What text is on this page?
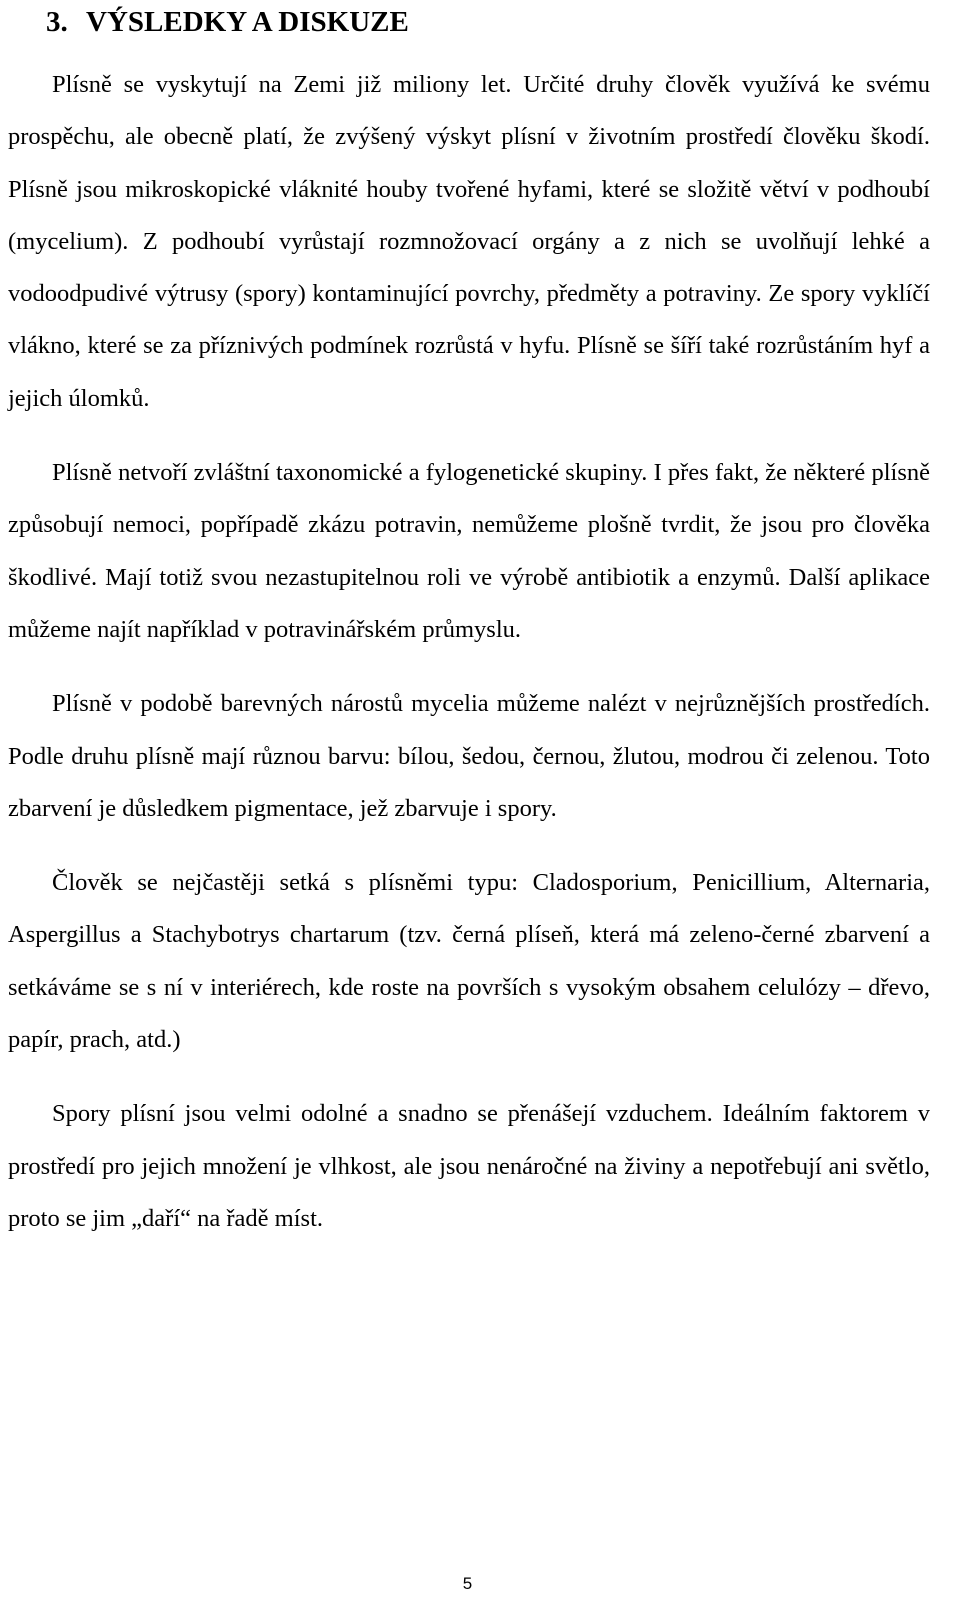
3. VÝSLEDKY A DISKUZE

Plísně se vyskytují na Zemi již miliony let. Určité druhy člověk využívá ke svému prospěchu, ale obecně platí, že zvýšený výskyt plísní v životním prostředí člověku škodí. Plísně jsou mikroskopické vláknité houby tvořené hyfami, které se složitě větví v podhoubí (mycelium). Z podhoubí vyrůstají rozmnožovací orgány a z nich se uvolňují lehké a vodoodpudivé výtrusy (spory) kontaminující povrchy, předměty a potraviny. Ze spory vyklíčí vlákno, které se za příznivých podmínek rozrůstá v hyfu. Plísně se šíří také rozrůstáním hyf a jejich úlomků.

Plísně netvoří zvláštní taxonomické a fylogenetické skupiny. I přes fakt, že některé plísně způsobují nemoci, popřípadě zkázu potravin, nemůžeme plošně tvrdit, že jsou pro člověka škodlivé. Mají totiž svou nezastupitelnou roli ve výrobě antibiotik a enzymů. Další aplikace můžeme najít například v potravinářském průmyslu.

Plísně v podobě barevných nárostů mycelia můžeme nalézt v nejrůznějších prostředích. Podle druhu plísně mají různou barvu: bílou, šedou, černou, žlutou, modrou či zelenou. Toto zbarvení je důsledkem pigmentace, jež zbarvuje i spory.

Člověk se nejčastěji setká s plísněmi typu: Cladosporium, Penicillium, Alternaria, Aspergillus a Stachybotrys chartarum (tzv. černá plíseň, která má zeleno-černé zbarvení a setkáváme se s ní v interiérech, kde roste na površích s vysokým obsahem celulózy – dřevo, papír, prach, atd.)

Spory plísní jsou velmi odolné a snadno se přenášejí vzduchem. Ideálním faktorem v prostředí pro jejich množení je vlhkost, ale jsou nenáročné na živiny a nepotřebují ani světlo, proto se jim „daří“ na řadě míst.

5
